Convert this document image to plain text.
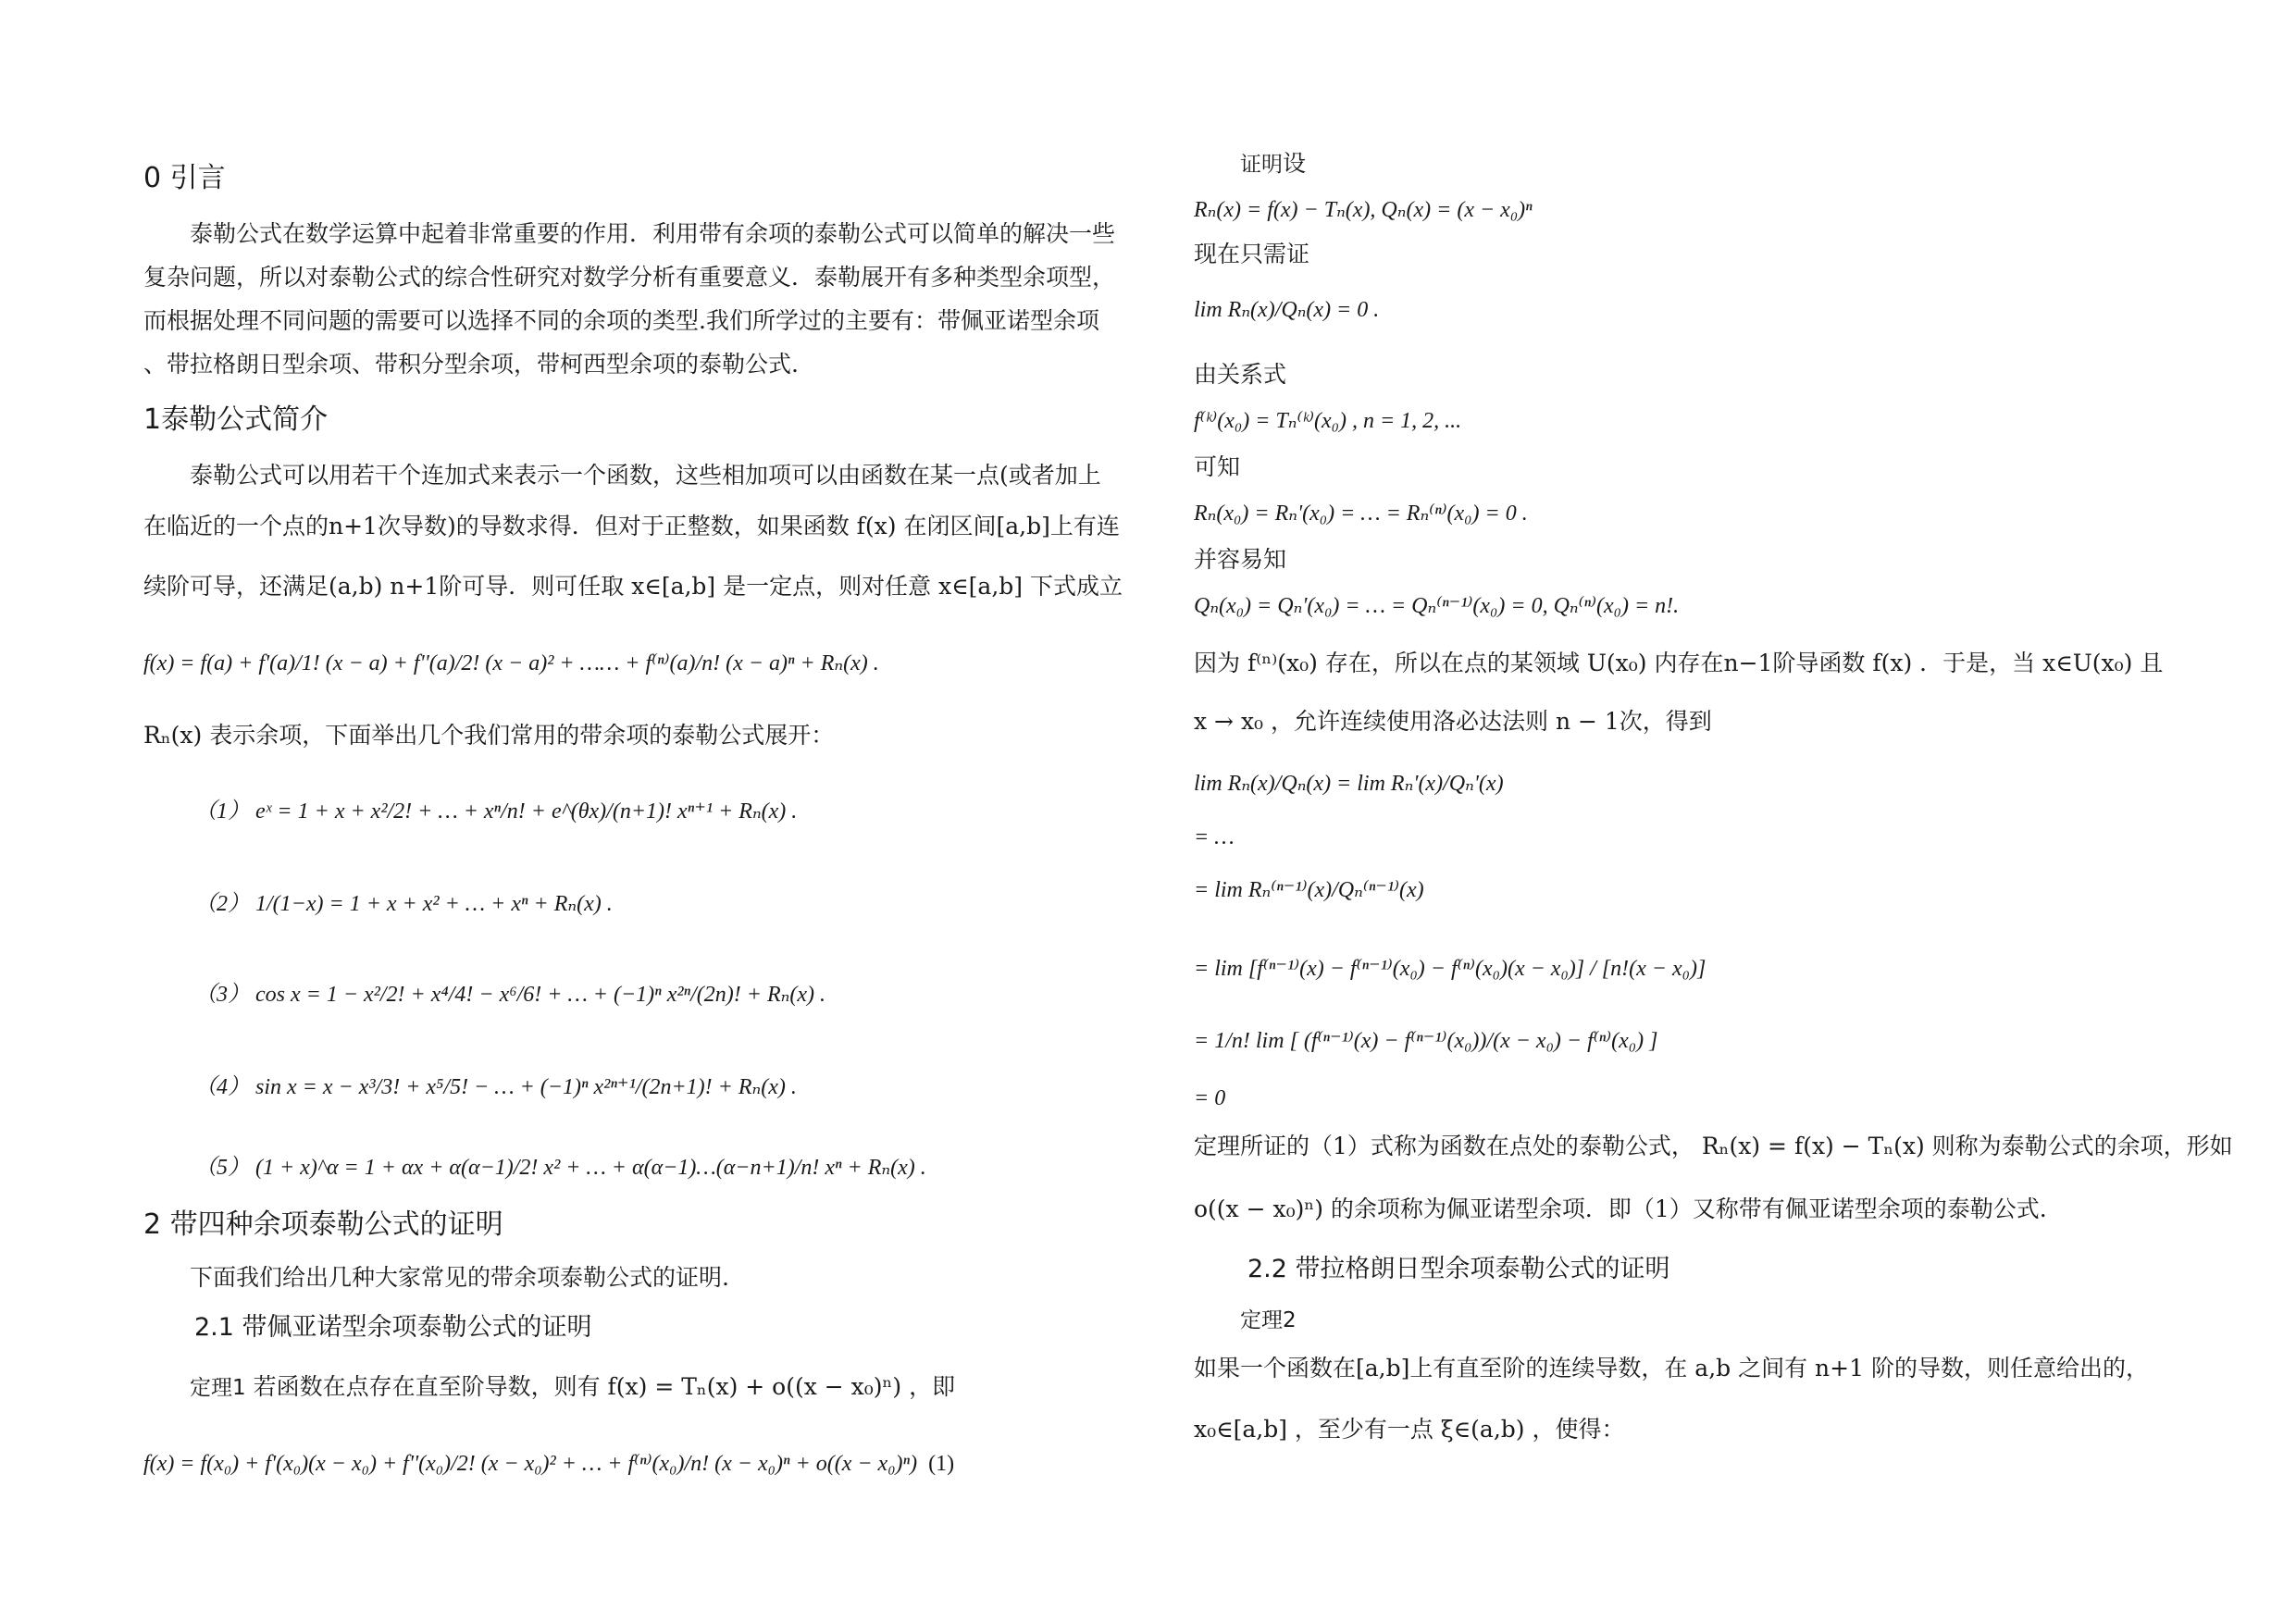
0 引言
泰勒公式在数学运算中起着非常重要的作用．利用带有余项的泰勒公式可以简单的解决一些
复杂问题，所以对泰勒公式的综合性研究对数学分析有重要意义．泰勒展开有多种类型余项型，
而根据处理不同问题的需要可以选择不同的余项的类型.我们所学过的主要有：带佩亚诺型余项
、带拉格朗日型余项、带积分型余项，带柯西型余项的泰勒公式.
1泰勒公式简介
泰勒公式可以用若干个连加式来表示一个函数，这些相加项可以由函数在某一点(或者加上
在临近的一个点的n+1次导数)的导数求得．但对于正整数，如果函数 f(x) 在闭区间[a,b]上有连
续阶可导，还满足(a,b) n+1阶可导．则可任取 x∈[a,b] 是一定点，则对任意 x∈[a,b] 下式成立
f(x) = f(a) + f'(a)/1! (x − a) + f''(a)/2! (x − a)² + …… + f⁽ⁿ⁾(a)/n! (x − a)ⁿ + Rₙ(x) .
Rₙ(x) 表示余项，下面举出几个我们常用的带余项的泰勒公式展开：
（1） eˣ = 1 + x + x²/2! + … + xⁿ/n! + e^(θx)/(n+1)! xⁿ⁺¹ + Rₙ(x) .
（2） 1/(1−x) = 1 + x + x² + … + xⁿ + Rₙ(x) .
（3） cos x = 1 − x²/2! + x⁴/4! − x⁶/6! + … + (−1)ⁿ x²ⁿ/(2n)! + Rₙ(x) .
（4） sin x = x − x³/3! + x⁵/5! − … + (−1)ⁿ x²ⁿ⁺¹/(2n+1)! + Rₙ(x) .
（5） (1 + x)^α = 1 + αx + α(α−1)/2! x² + … + α(α−1)…(α−n+1)/n! xⁿ + Rₙ(x) .
2 带四种余项泰勒公式的证明
下面我们给出几种大家常见的带余项泰勒公式的证明.
2.1 带佩亚诺型余项泰勒公式的证明
定理1 若函数在点存在直至阶导数，则有 f(x) = Tₙ(x) + o((x − x₀)ⁿ) ，即
f(x) = f(x₀) + f'(x₀)(x − x₀) + f''(x₀)/2! (x − x₀)² + … + f⁽ⁿ⁾(x₀)/n! (x − x₀)ⁿ + o((x − x₀)ⁿ) (1)
证明设
Rₙ(x) = f(x) − Tₙ(x), Qₙ(x) = (x − x₀)ⁿ
现在只需证
lim Rₙ(x)/Qₙ(x) = 0 .
由关系式
f⁽ᵏ⁾(x₀) = Tₙ⁽ᵏ⁾(x₀) , n = 1, 2, ...
可知
Rₙ(x₀) = Rₙ'(x₀) = … = Rₙ⁽ⁿ⁾(x₀) = 0 .
并容易知
Qₙ(x₀) = Qₙ'(x₀) = … = Qₙ⁽ⁿ⁻¹⁾(x₀) = 0, Qₙ⁽ⁿ⁾(x₀) = n!.
因为 f⁽ⁿ⁾(x₀) 存在，所以在点的某领域 U(x₀) 内存在n−1阶导函数 f(x) ．于是，当 x∈U(x₀) 且
x → x₀ ，允许连续使用洛必达法则 n − 1次，得到
lim Rₙ(x)/Qₙ(x) = lim Rₙ'(x)/Qₙ'(x)
= …
= lim Rₙ⁽ⁿ⁻¹⁾(x)/Qₙ⁽ⁿ⁻¹⁾(x)
= lim [f⁽ⁿ⁻¹⁾(x) − f⁽ⁿ⁻¹⁾(x₀) − f⁽ⁿ⁾(x₀)(x − x₀)] / [n!(x − x₀)]
= 1/n! lim [ (f⁽ⁿ⁻¹⁾(x) − f⁽ⁿ⁻¹⁾(x₀))/(x − x₀) − f⁽ⁿ⁾(x₀) ]
= 0
定理所证的（1）式称为函数在点处的泰勒公式， Rₙ(x) = f(x) − Tₙ(x) 则称为泰勒公式的余项，形如
o((x − x₀)ⁿ) 的余项称为佩亚诺型余项．即（1）又称带有佩亚诺型余项的泰勒公式.
2.2 带拉格朗日型余项泰勒公式的证明
定理2
如果一个函数在[a,b]上有直至阶的连续导数，在 a,b 之间有 n+1 阶的导数，则任意给出的，
x₀∈[a,b] ，至少有一点 ξ∈(a,b) ，使得：
